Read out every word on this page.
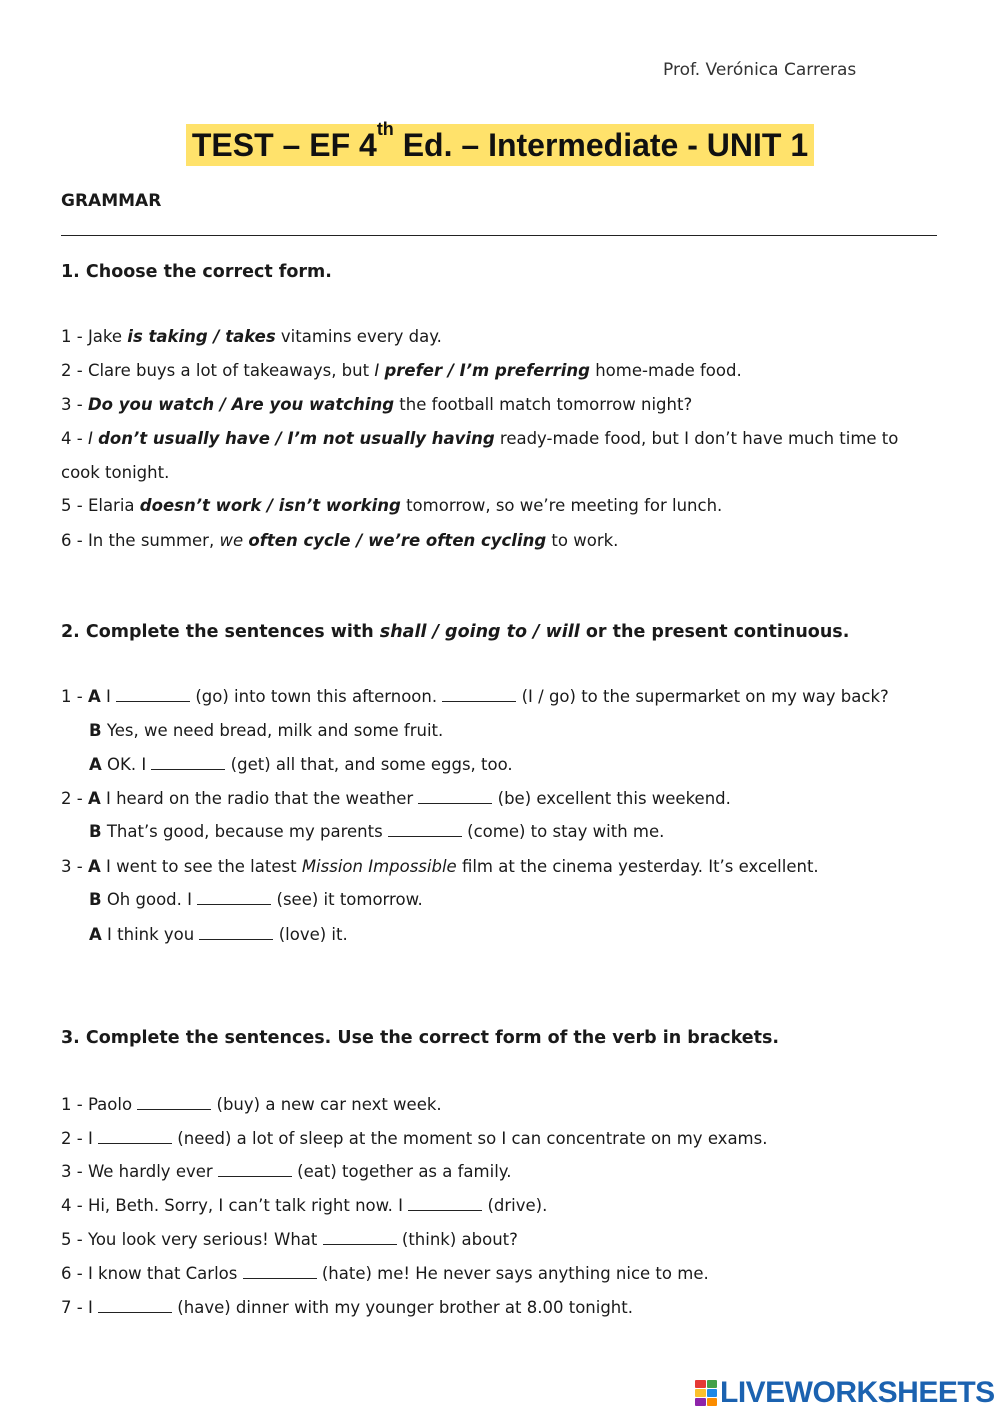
Prof. Verónica Carreras
TEST – EF 4th Ed. – Intermediate - UNIT 1
GRAMMAR
1. Choose the correct form.
1 - Jake is taking / takes vitamins every day.
2 - Clare buys a lot of takeaways, but I prefer / I’m preferring home-made food.
3 - Do you watch / Are you watching the football match tomorrow night?
4 - I don’t usually have / I’m not usually having ready-made food, but I don’t have much time to cook tonight.
5 - Elaria doesn’t work / isn’t working tomorrow, so we’re meeting for lunch.
6 - In the summer, we often cycle / we’re often cycling to work.
2. Complete the sentences with shall / going to / will or the present continuous.
1 - A I	(go) into town this afternoon.	(I / go) to the supermarket on my way back?
B Yes, we need bread, milk and some fruit.
A OK. I	(get) all that, and some eggs, too.
2 - A I heard on the radio that the weather	(be) excellent this weekend.
B That’s good, because my parents	(come) to stay with me.
3 - A I went to see the latest Mission Impossible film at the cinema yesterday. It’s excellent.
B Oh good. I	(see) it tomorrow.
A I think you	(love) it.
3. Complete the sentences. Use the correct form of the verb in brackets.
1 - Paolo	(buy) a new car next week.
2 - I	(need) a lot of sleep at the moment so I can concentrate on my exams.
3 - We hardly ever	(eat) together as a family.
4 - Hi, Beth. Sorry, I can’t talk right now. I	(drive).
5 - You look very serious! What	(think) about?
6 - I know that Carlos	(hate) me! He never says anything nice to me.
7 - I	(have) dinner with my younger brother at 8.00 tonight.
LIVEWORKSHEETS
